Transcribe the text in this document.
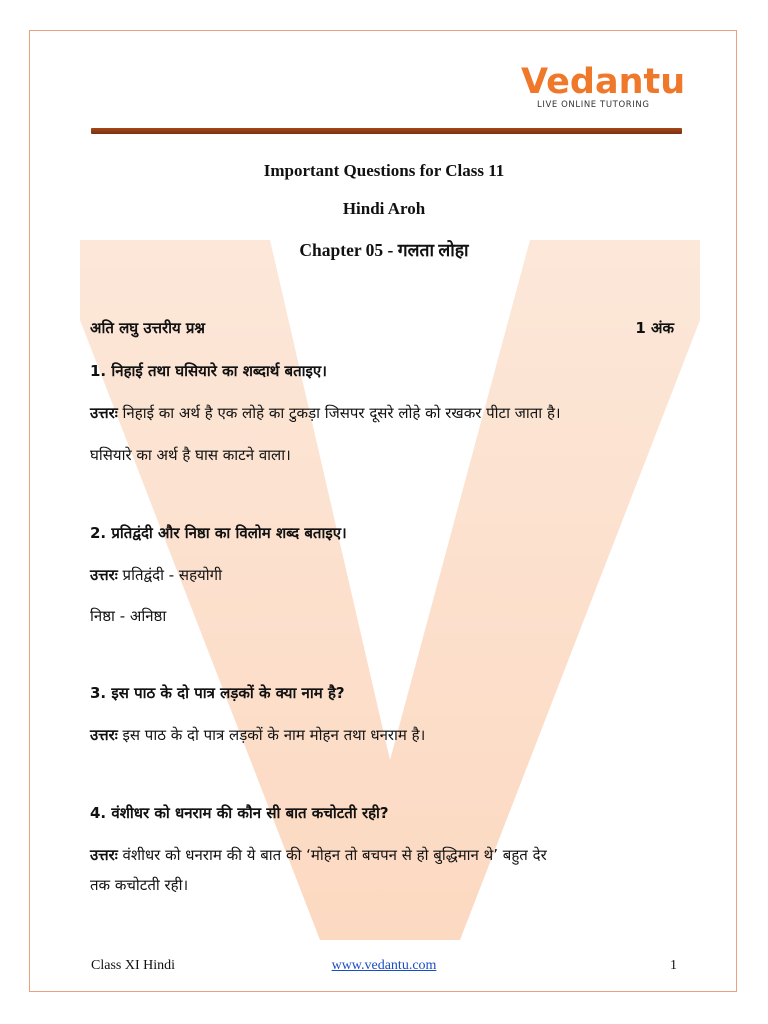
Vedantu
LIVE ONLINE TUTORING
Important Questions for Class 11
Hindi Aroh
Chapter 05 - गलता लोहा
अति लघु उत्तरीय प्रश्न	1 अंक
1. निहाई तथा घसियारे का शब्दार्थ बताइए।
उत्तरः निहाई का अर्थ है एक लोहे का टुकड़ा जिसपर दूसरे लोहे को रखकर पीटा जाता है।
घसियारे का अर्थ है घास काटने वाला।
2. प्रतिद्वंदी और निष्ठा का विलोम शब्द बताइए।
उत्तरः प्रतिद्वंदी - सहयोगी
निष्ठा - अनिष्ठा
3. इस पाठ के दो पात्र लड़कों के क्या नाम है?
उत्तरः इस पाठ के दो पात्र लड़कों के नाम मोहन तथा धनराम है।
4. वंशीधर को धनराम की कौन सी बात कचोटती रही?
उत्तरः वंशीधर को धनराम की ये बात की ‘मोहन तो बचपन से हो बुद्धिमान थे’ बहुत देर
तक कचोटती रही।
Class XI Hindi	www.vedantu.com	1
